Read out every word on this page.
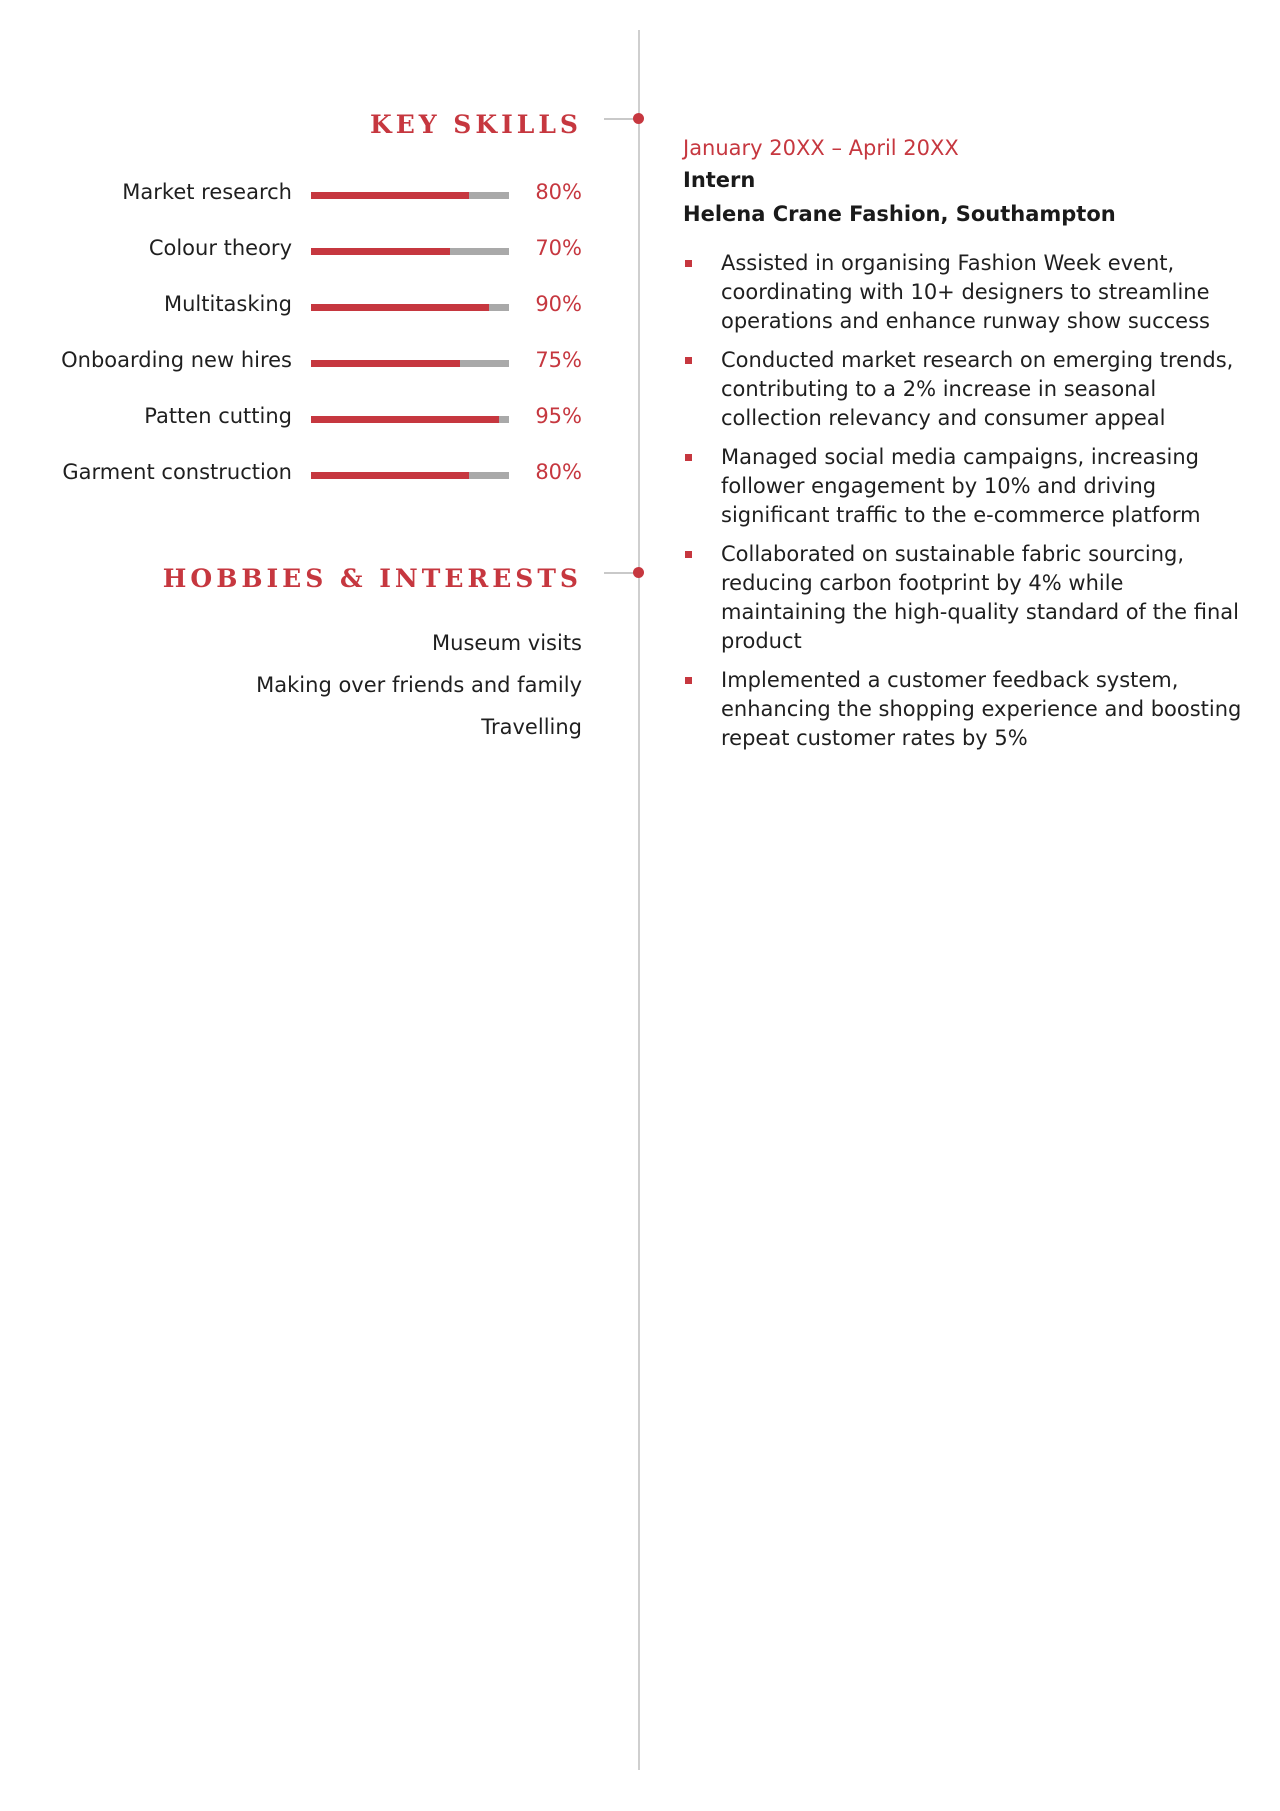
KEY SKILLS
Market research	80%
Colour theory	70%
Multitasking	90%
Onboarding new hires	75%
Patten cutting	95%
Garment construction	80%
HOBBIES & INTERESTS
Museum visits
Making over friends and family
Travelling

January 20XX – April 20XX

Intern

Helena Crane Fashion, Southampton

Assisted in organising Fashion Week event, coordinating with 10+ designers to streamline operations and enhance runway show success
Conducted market research on emerging trends, contributing to a 2% increase in seasonal collection relevancy and consumer appeal
Managed social media campaigns, increasing follower engagement by 10% and driving significant traffic to the e-commerce platform
Collaborated on sustainable fabric sourcing, reducing carbon footprint by 4% while maintaining the high-quality standard of the final product
Implemented a customer feedback system, enhancing the shopping experience and boosting repeat customer rates by 5%
